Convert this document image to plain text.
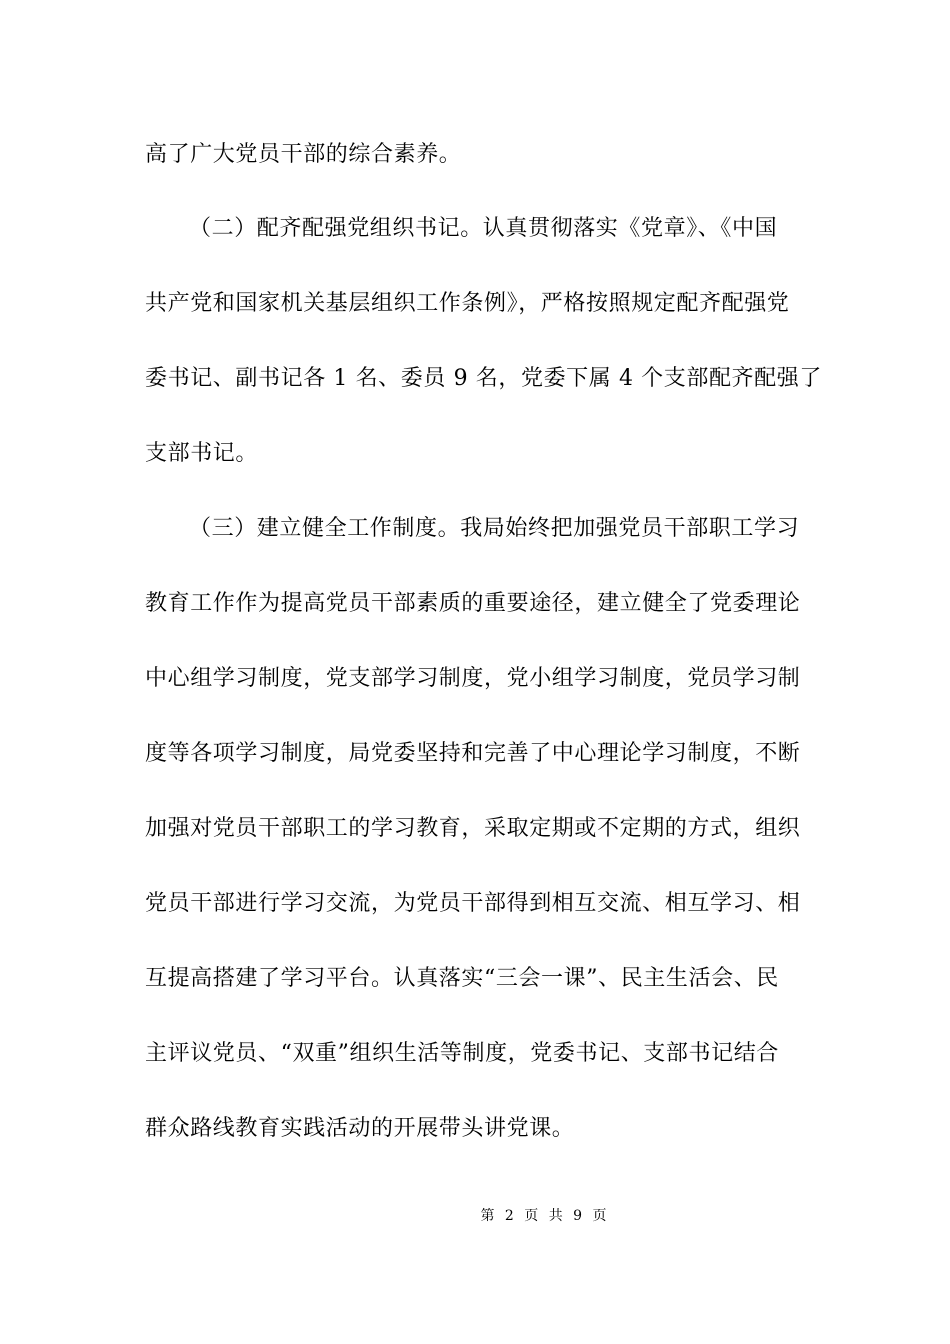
高了广大党员干部的综合素养。
（二）配齐配强党组织书记。认真贯彻落实《党章》、《中国
共产党和国家机关基层组织工作条例》，严格按照规定配齐配强党
委书记、副书记各 1 名、委员 9 名，党委下属 4 个支部配齐配强了
支部书记。
（三）建立健全工作制度。我局始终把加强党员干部职工学习
教育工作作为提高党员干部素质的重要途径，建立健全了党委理论
中心组学习制度，党支部学习制度，党小组学习制度，党员学习制
度等各项学习制度，局党委坚持和完善了中心理论学习制度，不断
加强对党员干部职工的学习教育，采取定期或不定期的方式，组织
党员干部进行学习交流，为党员干部得到相互交流、相互学习、相
互提高搭建了学习平台。认真落实“三会一课”、民主生活会、民
主评议党员、“双重”组织生活等制度，党委书记、支部书记结合
群众路线教育实践活动的开展带头讲党课。
第 2 页 共 9 页
